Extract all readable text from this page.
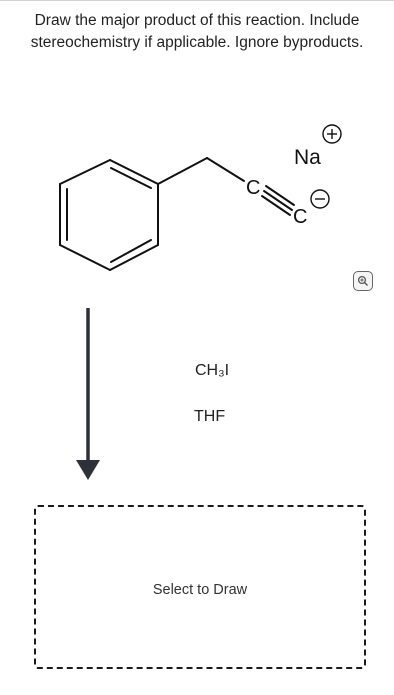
Draw the major product of this reaction. Include
stereochemistry if applicable. Ignore byproducts.
C
C
Na
CH₃I
THF
Select to Draw
